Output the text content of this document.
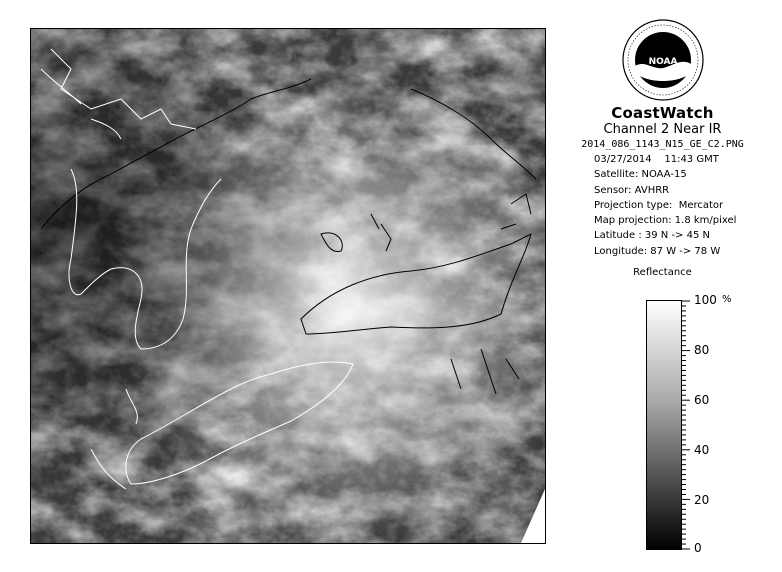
NOAA
CoastWatch
Channel 2 Near IR
2014_086_1143_N15_GE_C2.PNG
03/27/2014    11:43 GMT
Satellite: NOAA-15
Sensor: AVHRR
Projection type:  Mercator
Map projection: 1.8 km/pixel
Latitude : 39 N -> 45 N
Longitude: 87 W -> 78 W
Reflectance
%
100
80
60
40
20
0
